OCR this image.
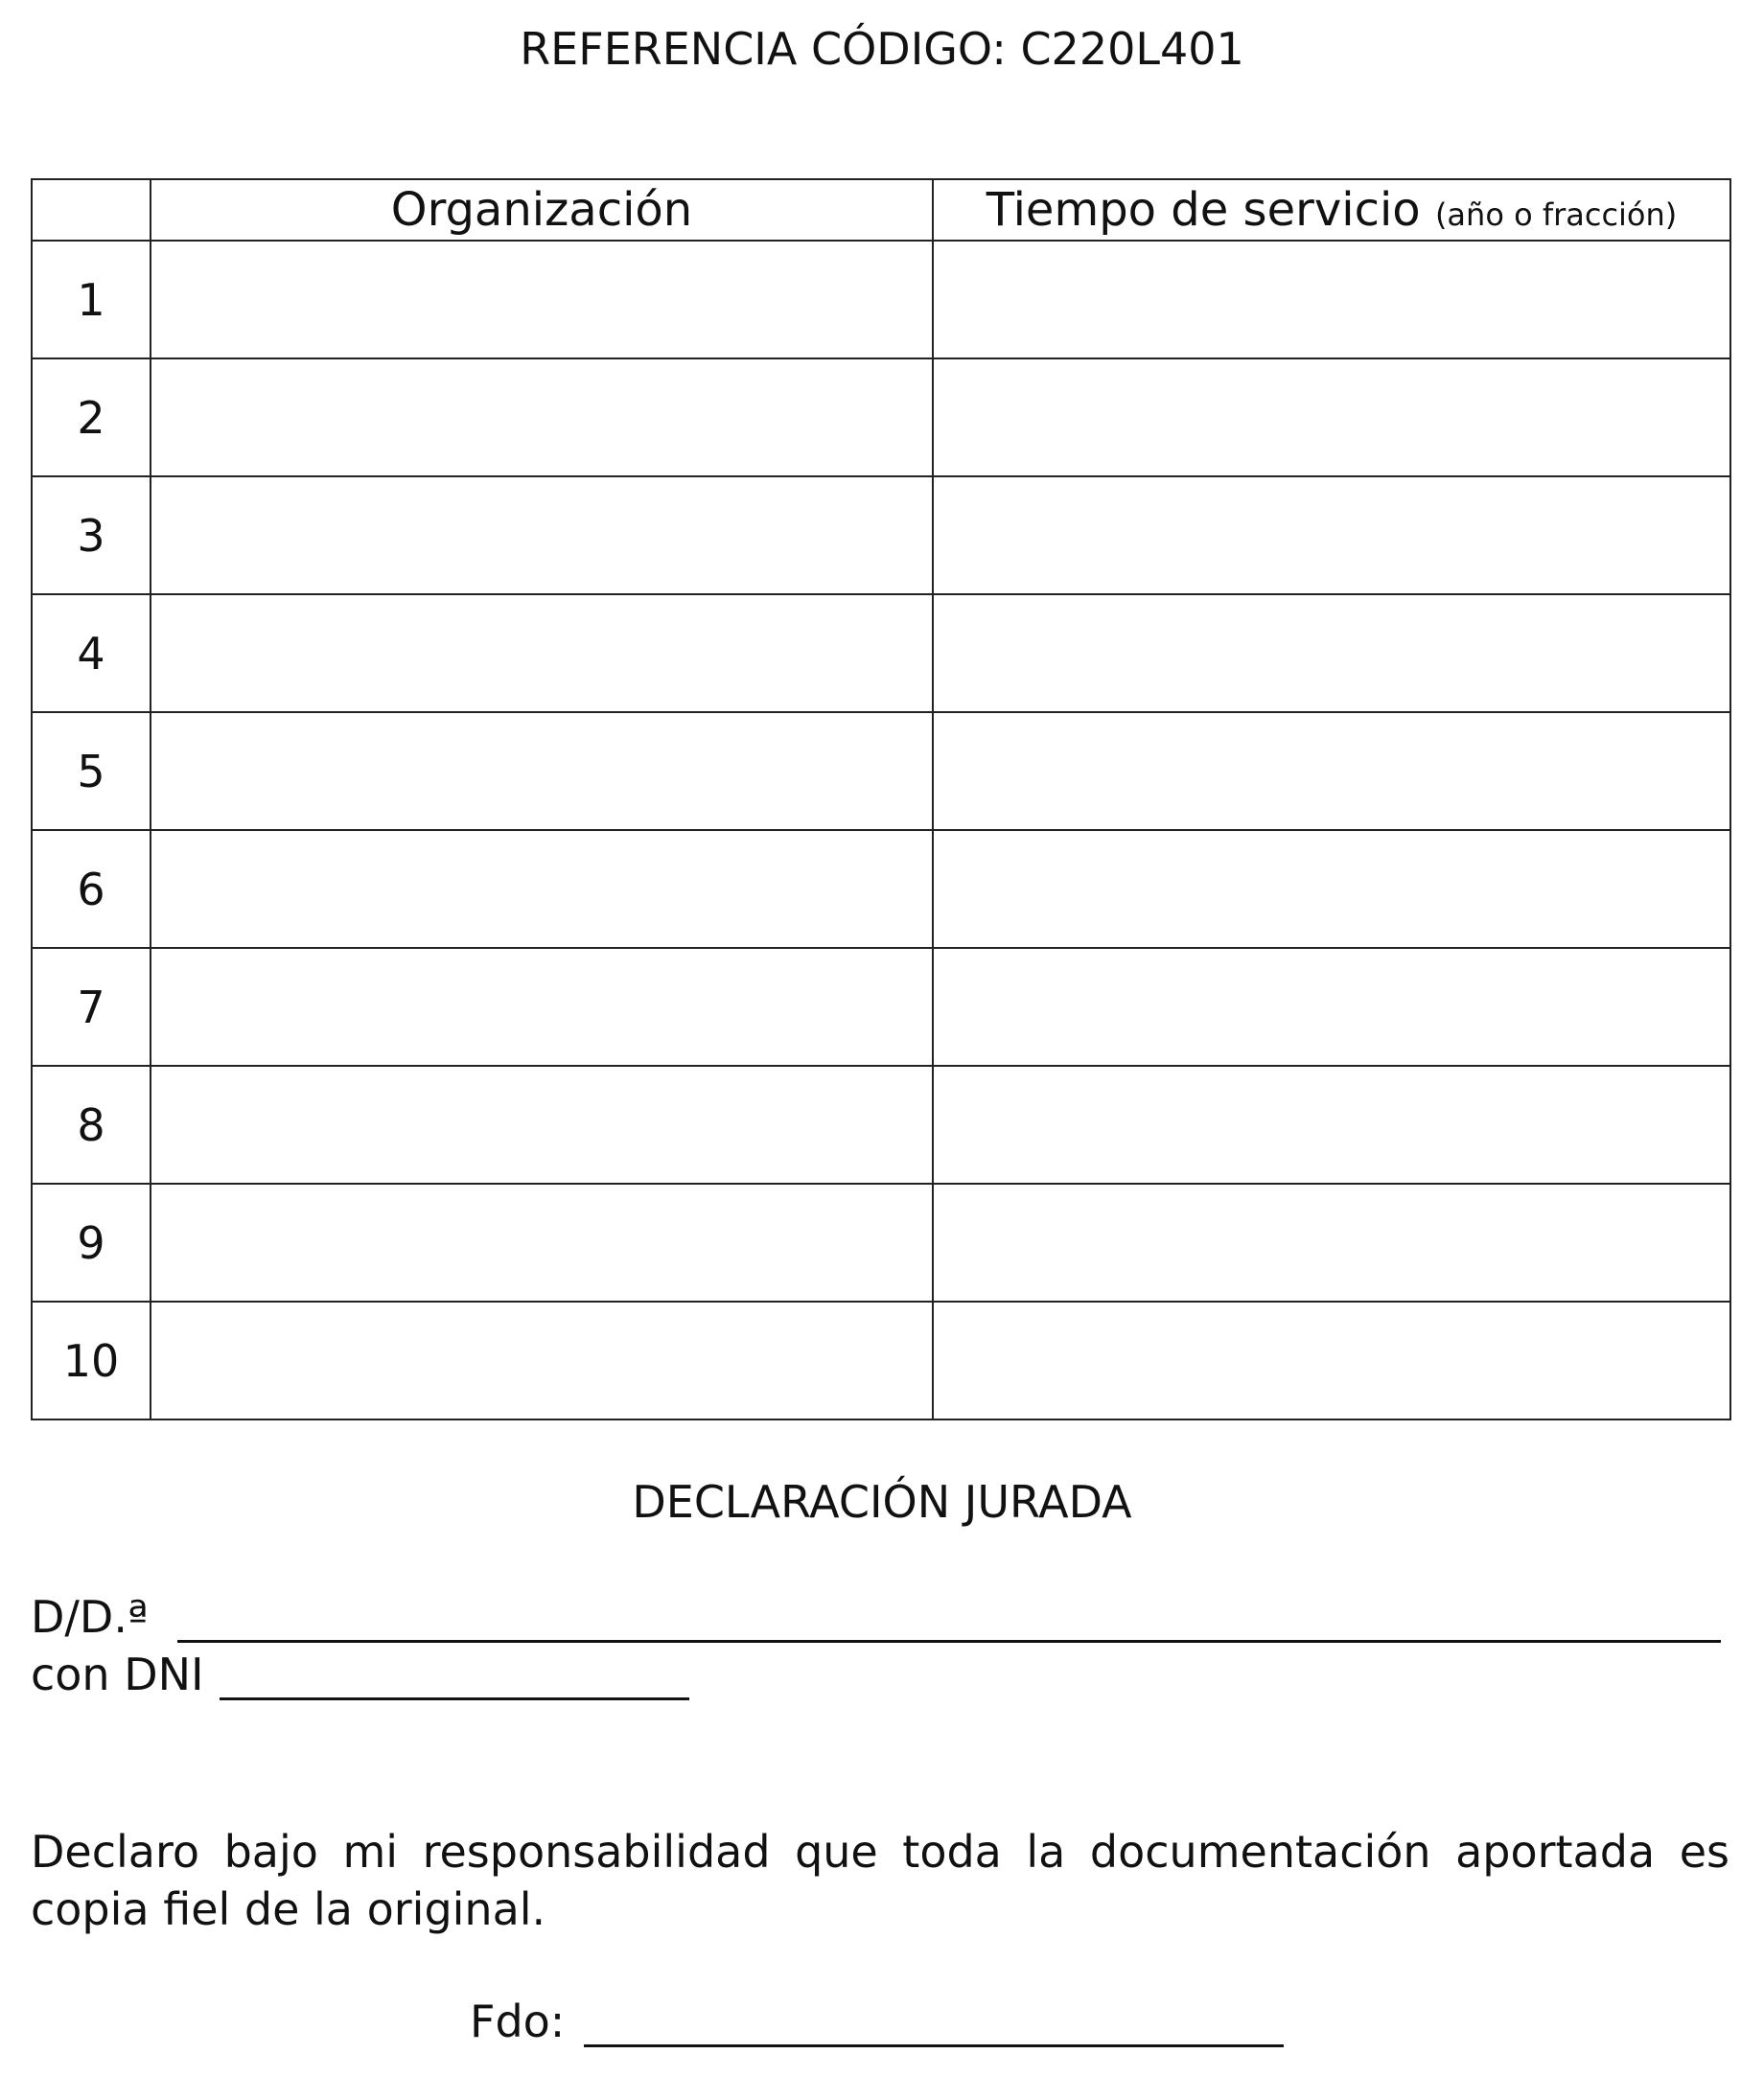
REFERENCIA CÓDIGO: C220L401
	Organización	Tiempo de servicio (año o fracción)
1		
2		
3		
4		
5		
6		
7		
8		
9		
10		
DECLARACIÓN JURADA
D/D.ª
con DNI
Declaro bajo mi responsabilidad que toda la documentación aportada es copia fiel de la original.
Fdo:
